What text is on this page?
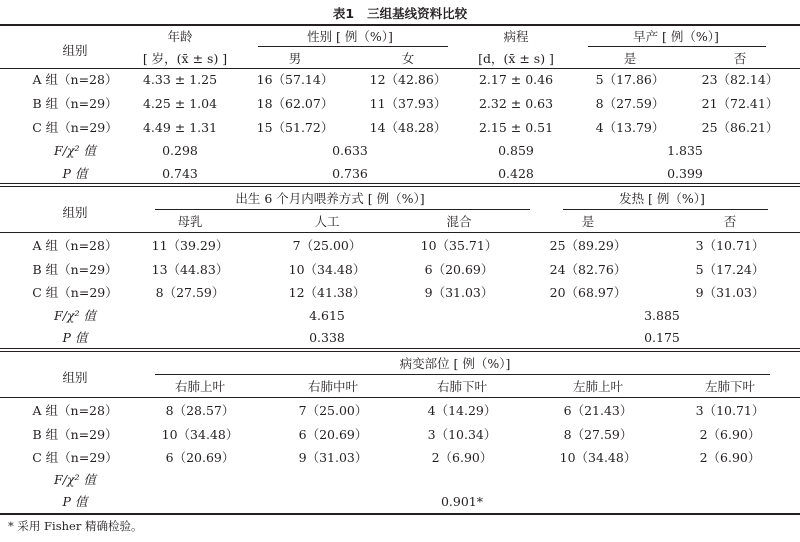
表1 三组基线资料比较
组别
年龄
[ 岁，(x̄ ± s) ]
性别 [ 例（%）]
男	女
病程
[d，(x̄ ± s) ]
早产 [ 例（%）]
是	否
A 组（n=28） 4.33 ± 1.25	16（57.14）	12（42.86）	2.17 ± 0.46	5（17.86）	23（82.14）
B 组（n=29） 4.25 ± 1.04	18（62.07）	11（37.93）	2.32 ± 0.63	8（27.59）	21（72.41）
C 组（n=29） 4.49 ± 1.31	15（51.72）	14（48.28）	2.15 ± 0.51	4（13.79）	25（86.21）
F/χ² 值	0.298	0.633	0.859	1.835
P 值	0.743	0.736	0.428	0.399
组别
出生 6 个月内喂养方式 [ 例（%）]
母乳	人工	混合
发热 [ 例（%）]
是	否
A 组（n=28）	11（39.29）	7（25.00）	10（35.71）	25（89.29）	3（10.71）
B 组（n=29）	13（44.83）	10（34.48）	6（20.69）	24（82.76）	5（17.24）
C 组（n=29）	8（27.59）	12（41.38）	9（31.03）	20（68.97）	9（31.03）
F/χ² 值	4.615	3.885
P 值	0.338	0.175
组别
病变部位 [ 例（%）]
右肺上叶	右肺中叶	右肺下叶	左肺上叶	左肺下叶
A 组（n=28）	8（28.57）	7（25.00）	4（14.29）	6（21.43）	3（10.71）
B 组（n=29）	10（34.48）	6（20.69）	3（10.34）	8（27.59）	2（6.90）
C 组（n=29）	6（20.69）	9（31.03）	2（6.90）	10（34.48）	2（6.90）
F/χ² 值
P 值	0.901*
* 采用 Fisher 精确检验。
